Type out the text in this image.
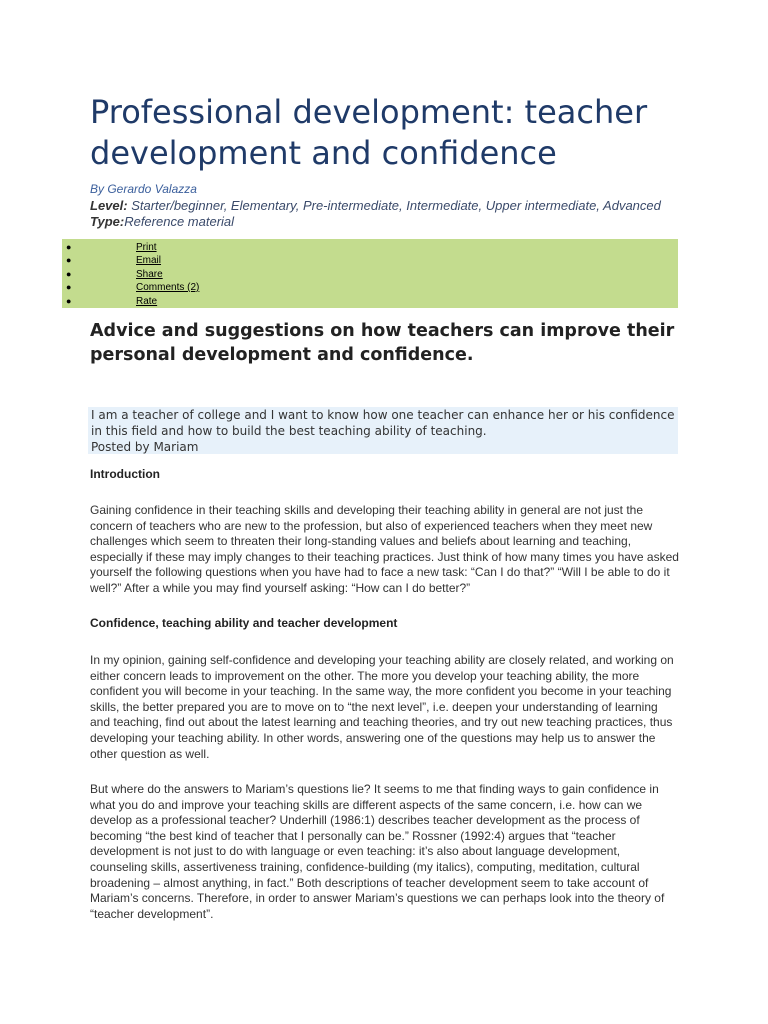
Professional development: teacher development and confidence
By Gerardo Valazza
Level: Starter/beginner, Elementary, Pre-intermediate, Intermediate, Upper intermediate, Advanced Type:Reference material
●	Print
●	Email
●	Share
●	Comments (2)
●	Rate
Advice and suggestions on how teachers can improve their personal development and confidence.
I am a teacher of college and I want to know how one teacher can enhance her or his confidence in this field and how to build the best teaching ability of teaching.
Posted by Mariam
Introduction

Gaining confidence in their teaching skills and developing their teaching ability in general are not just the concern of teachers who are new to the profession, but also of experienced teachers when they meet new challenges which seem to threaten their long-standing values and beliefs about learning and teaching, especially if these may imply changes to their teaching practices. Just think of how many times you have asked yourself the following questions when you have had to face a new task: “Can I do that?” “Will I be able to do it well?” After a while you may find yourself asking: “How can I do better?”

Confidence, teaching ability and teacher development

In my opinion, gaining self-confidence and developing your teaching ability are closely related, and working on either concern leads to improvement on the other. The more you develop your teaching ability, the more confident you will become in your teaching. In the same way, the more confident you become in your teaching skills, the better prepared you are to move on to “the next level”, i.e. deepen your understanding of learning and teaching, find out about the latest learning and teaching theories, and try out new teaching practices, thus developing your teaching ability. In other words, answering one of the questions may help us to answer the other question as well.

But where do the answers to Mariam’s questions lie? It seems to me that finding ways to gain confidence in what you do and improve your teaching skills are different aspects of the same concern, i.e. how can we develop as a professional teacher? Underhill (1986:1) describes teacher development as the process of becoming “the best kind of teacher that I personally can be.” Rossner (1992:4) argues that “teacher development is not just to do with language or even teaching: it’s also about language development, counseling skills, assertiveness training, confidence-building (my italics), computing, meditation, cultural broadening – almost anything, in fact.” Both descriptions of teacher development seem to take account of Mariam’s concerns. Therefore, in order to answer Mariam’s questions we can perhaps look into the theory of “teacher development”.
